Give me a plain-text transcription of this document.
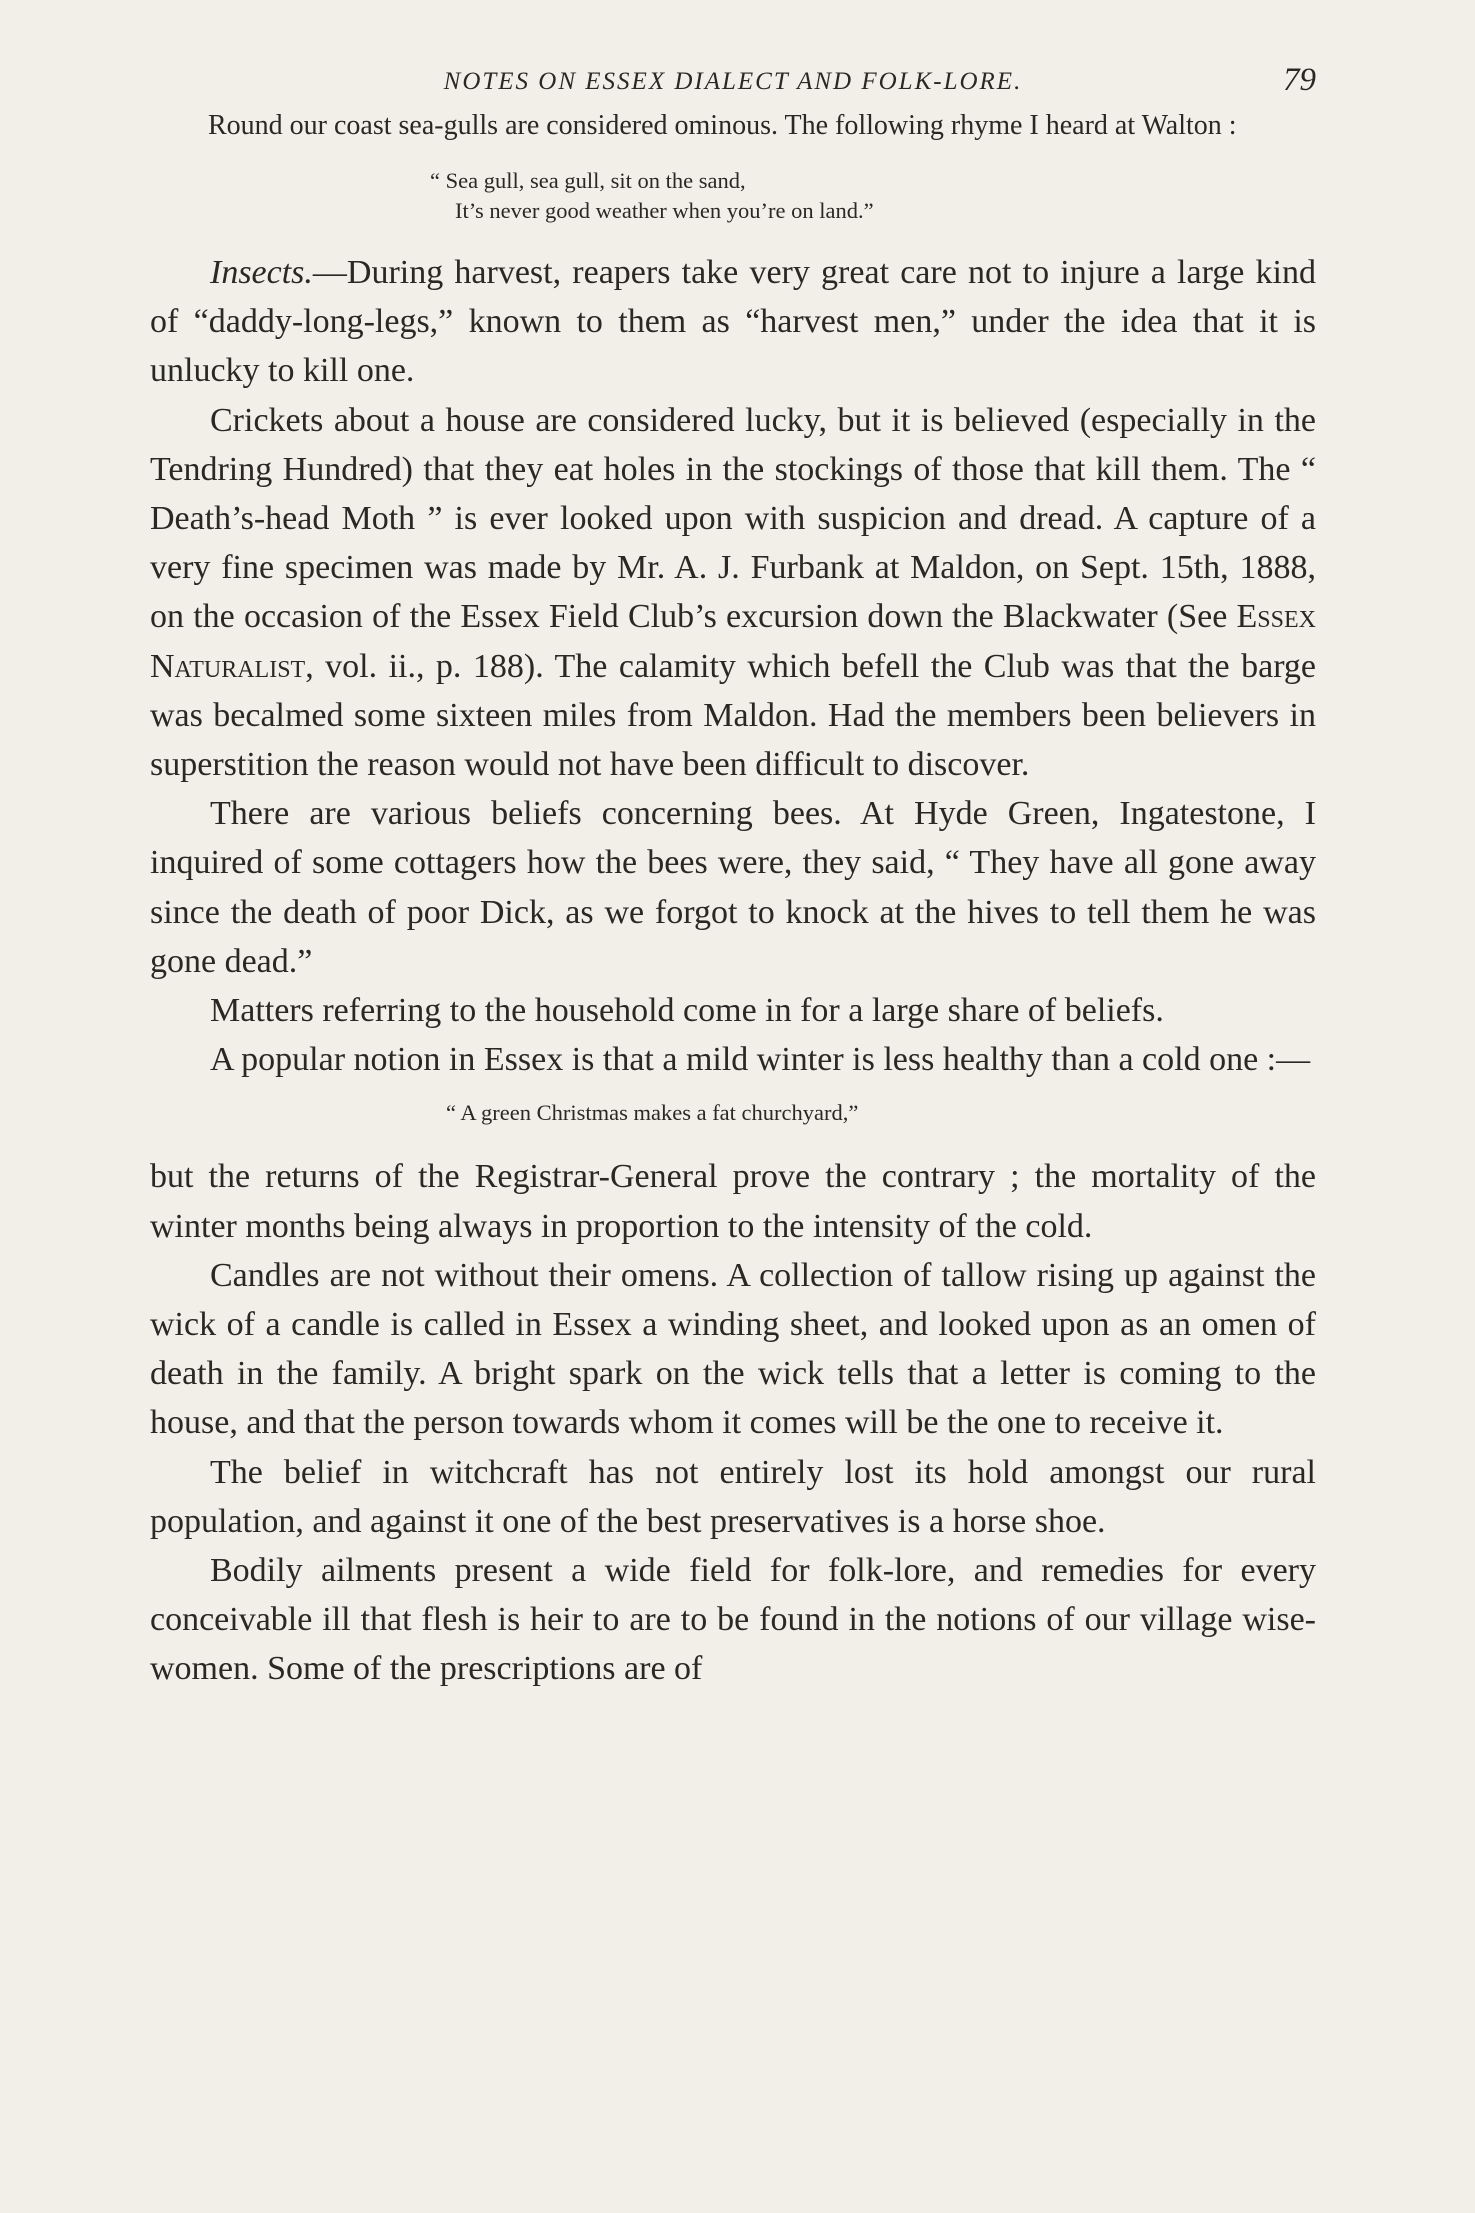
NOTES ON ESSEX DIALECT AND FOLK-LORE.	79

Round our coast sea-gulls are considered ominous. The following rhyme I heard at Walton :

“ Sea gull, sea gull, sit on the sand,
It’s never good weather when you’re on land.”

Insects.—During harvest, reapers take very great care not to injure a large kind of “daddy-long-legs,” known to them as “harvest men,” under the idea that it is unlucky to kill one.

Crickets about a house are considered lucky, but it is believed (especially in the Tendring Hundred) that they eat holes in the stockings of those that kill them. The “ Death’s-head Moth ” is ever looked upon with suspicion and dread. A capture of a very fine specimen was made by Mr. A. J. Furbank at Maldon, on Sept. 15th, 1888, on the occasion of the Essex Field Club’s excursion down the Blackwater (See Essex Naturalist, vol. ii., p. 188). The calamity which befell the Club was that the barge was becalmed some sixteen miles from Maldon. Had the members been believers in superstition the reason would not have been difficult to discover.

There are various beliefs concerning bees. At Hyde Green, Ingatestone, I inquired of some cottagers how the bees were, they said, “ They have all gone away since the death of poor Dick, as we forgot to knock at the hives to tell them he was gone dead.”

Matters referring to the household come in for a large share of beliefs.

A popular notion in Essex is that a mild winter is less healthy than a cold one :—

“ A green Christmas makes a fat churchyard,”

but the returns of the Registrar-General prove the contrary ; the mortality of the winter months being always in proportion to the intensity of the cold.

Candles are not without their omens. A collection of tallow rising up against the wick of a candle is called in Essex a winding sheet, and looked upon as an omen of death in the family. A bright spark on the wick tells that a letter is coming to the house, and that the person towards whom it comes will be the one to receive it.

The belief in witchcraft has not entirely lost its hold amongst our rural population, and against it one of the best preservatives is a horse shoe.

Bodily ailments present a wide field for folk-lore, and remedies for every conceivable ill that flesh is heir to are to be found in the notions of our village wise-women. Some of the prescriptions are of
